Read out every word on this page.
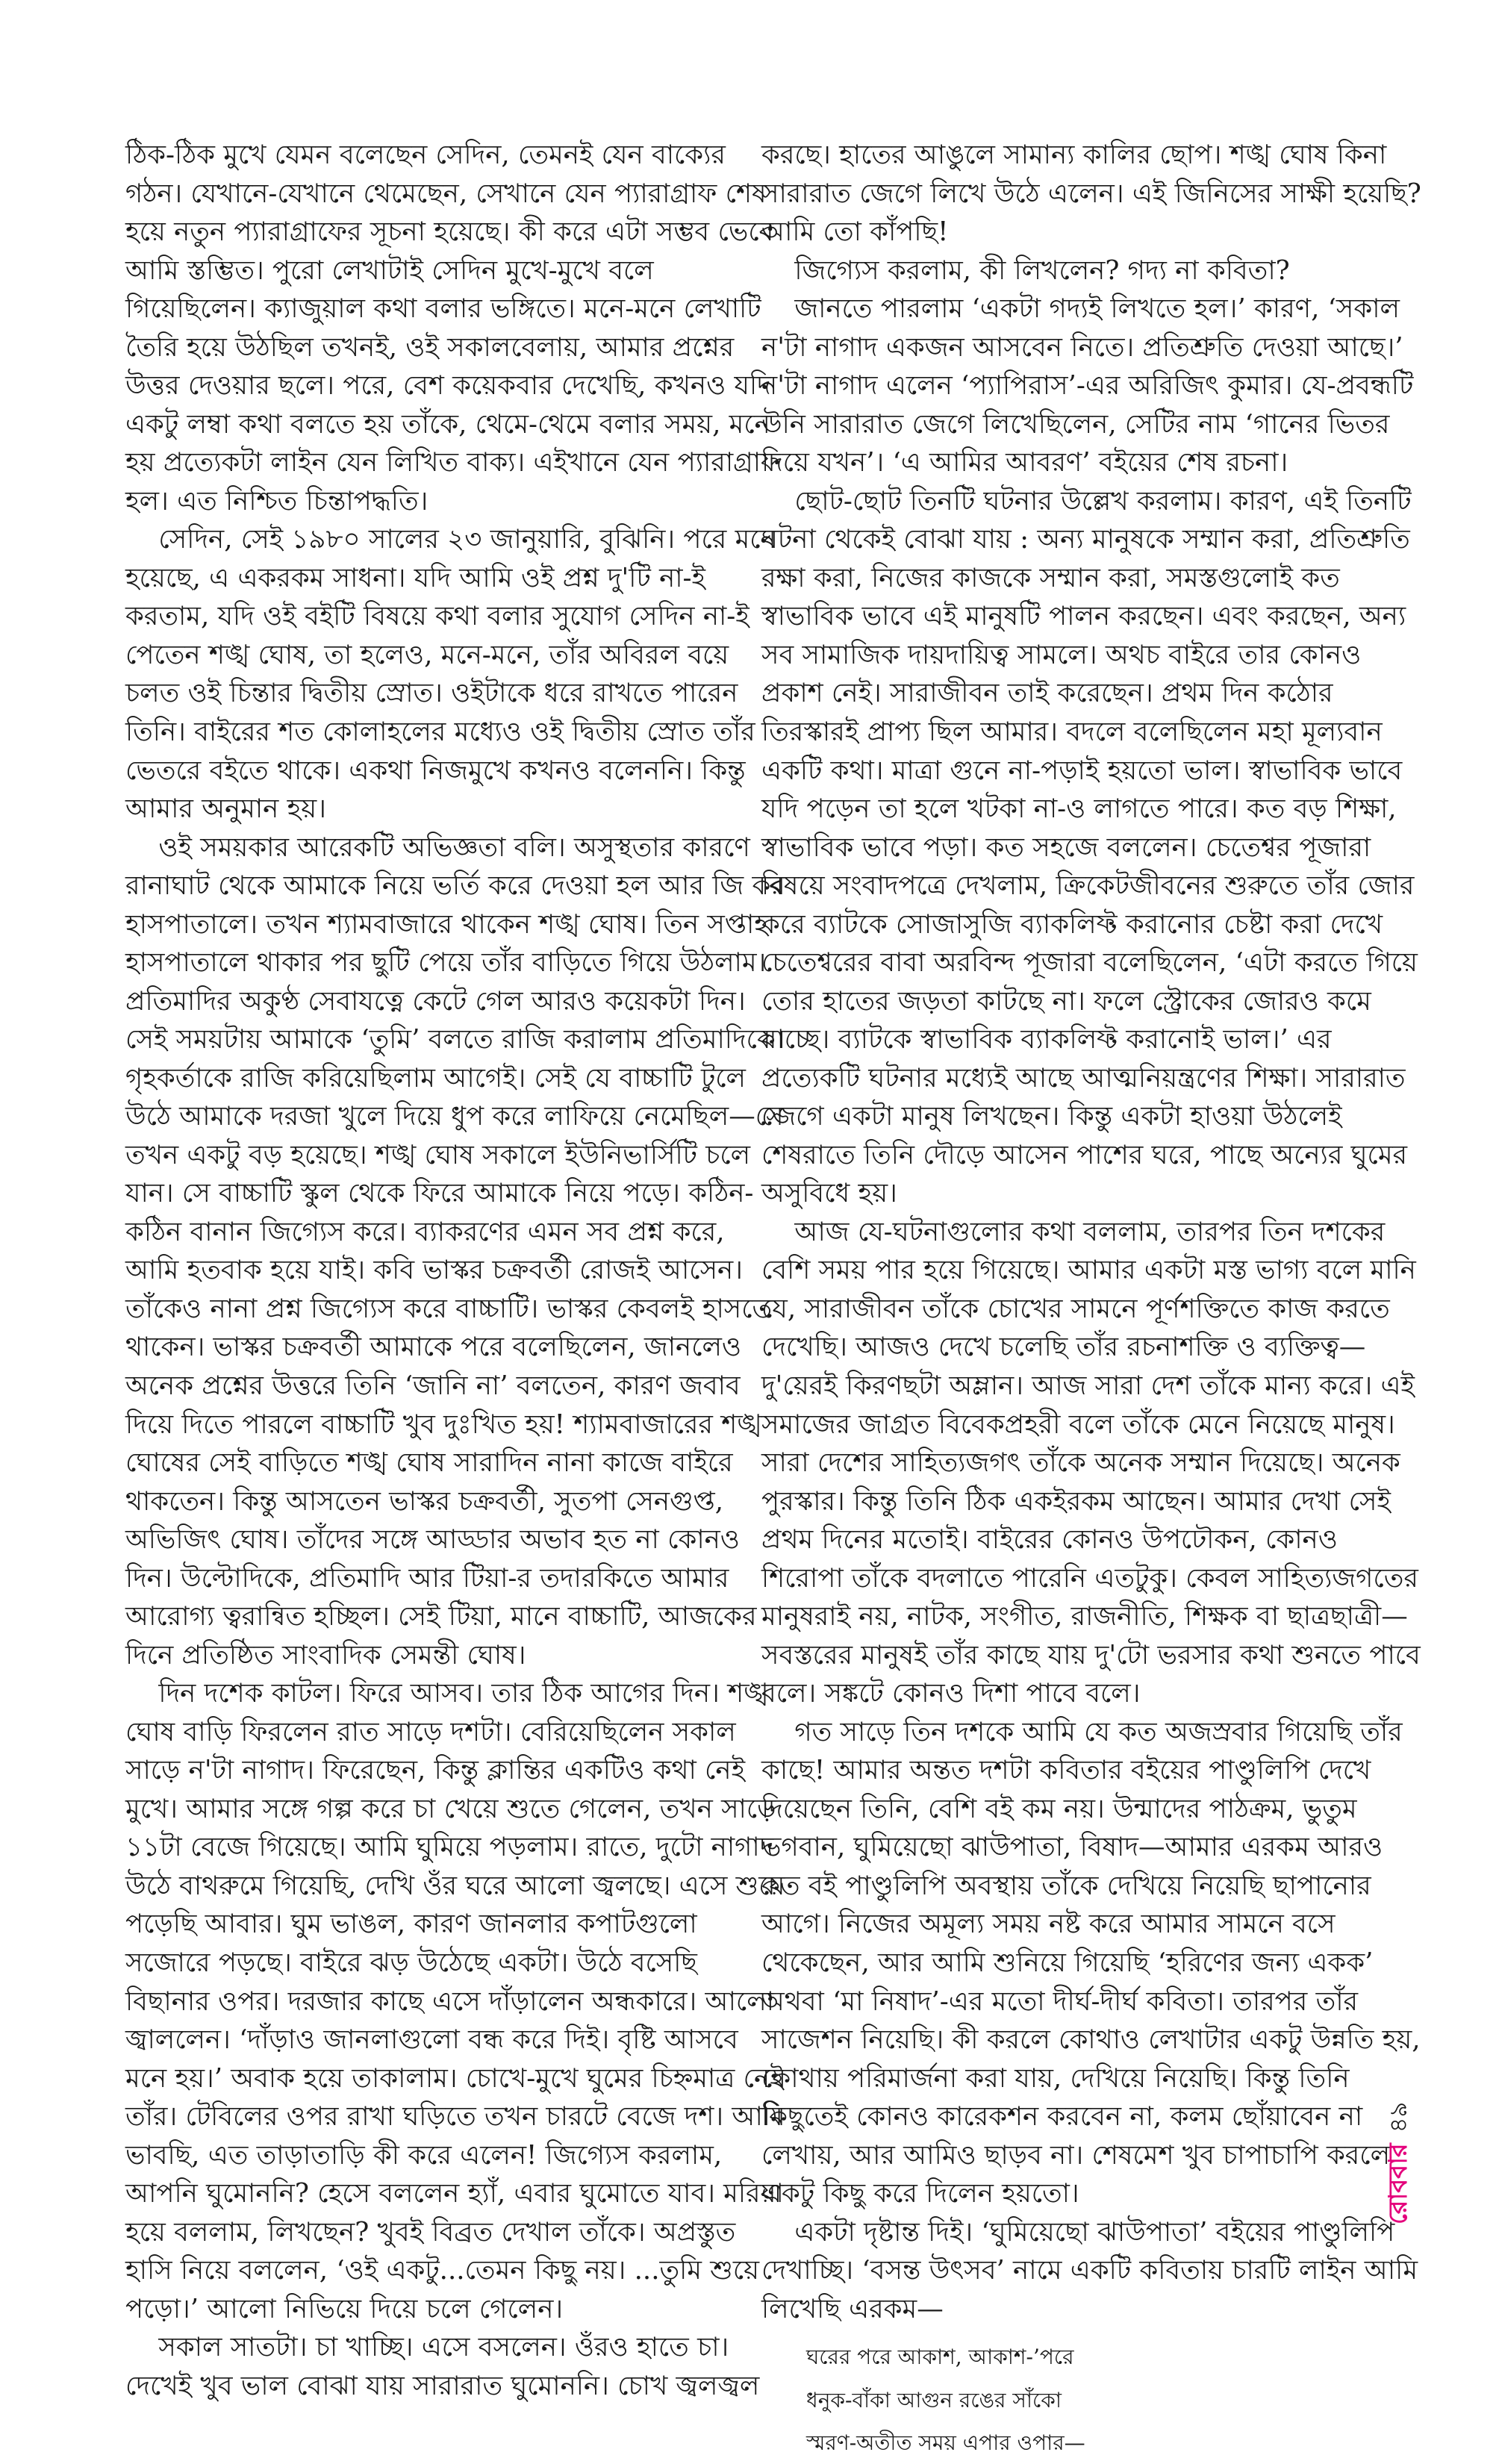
ঠিক-ঠিক মুখে যেমন বলেছেন সেদিন, তেমনই যেন বাক্যের গঠন। যেখানে-যেখানে থেমেছেন, সেখানে যেন প্যারাগ্রাফ শেষ হয়ে নতুন প্যারাগ্রাফের সূচনা হয়েছে। কী করে এটা সম্ভব ভেবে আমি স্তম্ভিত। পুরো লেখাটাই সেদিন মুখে-মুখে বলে গিয়েছিলেন। ক্যাজুয়াল কথা বলার ভঙ্গিতে। মনে-মনে লেখাটি তৈরি হয়ে উঠছিল তখনই, ওই সকালবেলায়, আমার প্রশ্নের উত্তর দেওয়ার ছলে। পরে, বেশ কয়েকবার দেখেছি, কখনও যদি একটু লম্বা কথা বলতে হয় তাঁকে, থেমে-থেমে বলার সময়, মনে হয় প্রত্যেকটা লাইন যেন লিখিত বাক্য। এইখানে যেন প্যারাগ্রাফ হল। এত নিশ্চিত চিন্তাপদ্ধতি।

সেদিন, সেই ১৯৮০ সালের ২৩ জানুয়ারি, বুঝিনি। পরে মনে হয়েছে, এ একরকম সাধনা। যদি আমি ওই প্রশ্ন দু'টি না-ই করতাম, যদি ওই বইটি বিষয়ে কথা বলার সুযোগ সেদিন না-ই পেতেন শঙ্খ ঘোষ, তা হলেও, মনে-মনে, তাঁর অবিরল বয়ে চলত ওই চিন্তার দ্বিতীয় স্রোত। ওইটাকে ধরে রাখতে পারেন তিনি। বাইরের শত কোলাহলের মধ্যেও ওই দ্বিতীয় স্রোত তাঁর ভেতরে বইতে থাকে। একথা নিজমুখে কখনও বলেননি। কিন্তু আমার অনুমান হয়।

ওই সময়কার আরেকটি অভিজ্ঞতা বলি। অসুস্থতার কারণে রানাঘাট থেকে আমাকে নিয়ে ভর্তি করে দেওয়া হল আর জি কর হাসপাতালে। তখন শ্যামবাজারে থাকেন শঙ্খ ঘোষ। তিন সপ্তাহ হাসপাতালে থাকার পর ছুটি পেয়ে তাঁর বাড়িতে গিয়ে উঠলাম। প্রতিমাদির অকুণ্ঠ সেবাযত্নে কেটে গেল আরও কয়েকটা দিন। সেই সময়টায় আমাকে ‘তুমি’ বলতে রাজি করালাম প্রতিমাদিকে। গৃহকর্তাকে রাজি করিয়েছিলাম আগেই। সেই যে বাচ্চাটি টুলে উঠে আমাকে দরজা খুলে দিয়ে ধুপ করে লাফিয়ে নেমেছিল—সে তখন একটু বড় হয়েছে। শঙ্খ ঘোষ সকালে ইউনিভার্সিটি চলে যান। সে বাচ্চাটি স্কুল থেকে ফিরে আমাকে নিয়ে পড়ে। কঠিন-কঠিন বানান জিগ্যেস করে। ব্যাকরণের এমন সব প্রশ্ন করে, আমি হতবাক হয়ে যাই। কবি ভাস্কর চক্রবর্তী রোজই আসেন। তাঁকেও নানা প্রশ্ন জিগ্যেস করে বাচ্চাটি। ভাস্কর কেবলই হাসতে থাকেন। ভাস্কর চক্রবর্তী আমাকে পরে বলেছিলেন, জানলেও অনেক প্রশ্নের উত্তরে তিনি ‘জানি না’ বলতেন, কারণ জবাব দিয়ে দিতে পারলে বাচ্চাটি খুব দুঃখিত হয়! শ্যামবাজারের শঙ্খ ঘোষের সেই বাড়িতে শঙ্খ ঘোষ সারাদিন নানা কাজে বাইরে থাকতেন। কিন্তু আসতেন ভাস্কর চক্রবর্তী, সুতপা সেনগুপ্ত, অভিজিৎ ঘোষ। তাঁদের সঙ্গে আড্ডার অভাব হত না কোনও দিন। উল্টোদিকে, প্রতিমাদি আর টিয়া-র তদারকিতে আমার আরোগ্য ত্বরান্বিত হচ্ছিল। সেই টিয়া, মানে বাচ্চাটি, আজকের দিনে প্রতিষ্ঠিত সাংবাদিক সেমন্তী ঘোষ।

দিন দশেক কাটল। ফিরে আসব। তার ঠিক আগের দিন। শঙ্খ ঘোষ বাড়ি ফিরলেন রাত সাড়ে দশটা। বেরিয়েছিলেন সকাল সাড়ে ন'টা নাগাদ। ফিরেছেন, কিন্তু ক্লান্তির একটিও কথা নেই মুখে। আমার সঙ্গে গল্প করে চা খেয়ে শুতে গেলেন, তখন সাড়ে ১১টা বেজে গিয়েছে। আমি ঘুমিয়ে পড়লাম। রাতে, দুটো নাগাদ উঠে বাথরুমে গিয়েছি, দেখি ওঁর ঘরে আলো জ্বলছে। এসে শুয়ে পড়েছি আবার। ঘুম ভাঙল, কারণ জানলার কপাটগুলো সজোরে পড়ছে। বাইরে ঝড় উঠেছে একটা। উঠে বসেছি বিছানার ওপর। দরজার কাছে এসে দাঁড়ালেন অন্ধকারে। আলো জ্বাললেন। ‘দাঁড়াও জানলাগুলো বন্ধ করে দিই। বৃষ্টি আসবে মনে হয়।’ অবাক হয়ে তাকালাম। চোখে-মুখে ঘুমের চিহ্নমাত্র নেই তাঁর। টেবিলের ওপর রাখা ঘড়িতে তখন চারটে বেজে দশ। আমি ভাবছি, এত তাড়াতাড়ি কী করে এলেন! জিগ্যেস করলাম, আপনি ঘুমোননি? হেসে বললেন হ্যাঁ, এবার ঘুমোতে যাব। মরিয়া হয়ে বললাম, লিখছেন? খুবই বিব্রত দেখাল তাঁকে। অপ্রস্তুত হাসি নিয়ে বললেন, ‘ওই একটু...তেমন কিছু নয়। ...তুমি শুয়ে পড়ো।’ আলো নিভিয়ে দিয়ে চলে গেলেন।

সকাল সাতটা। চা খাচ্ছি। এসে বসলেন। ওঁরও হাতে চা। দেখেই খুব ভাল বোঝা যায় সারারাত ঘুমোননি। চোখ জ্বলজ্বল

করছে। হাতের আঙুলে সামান্য কালির ছোপ। শঙ্খ ঘোষ কিনা সারারাত জেগে লিখে উঠে এলেন। এই জিনিসের সাক্ষী হয়েছি? আমি তো কাঁপছি!

জিগ্যেস করলাম, কী লিখলেন? গদ্য না কবিতা?

জানতে পারলাম ‘একটা গদ্যই লিখতে হল।’ কারণ, ‘সকাল ন'টা নাগাদ একজন আসবেন নিতে। প্রতিশ্রুতি দেওয়া আছে।’ ন'টা নাগাদ এলেন ‘প্যাপিরাস’-এর অরিজিৎ কুমার। যে-প্রবন্ধটি উনি সারারাত জেগে লিখেছিলেন, সেটির নাম ‘গানের ভিতর দিয়ে যখন’। ‘এ আমির আবরণ’ বইয়ের শেষ রচনা।

ছোট-ছোট তিনটি ঘটনার উল্লেখ করলাম। কারণ, এই তিনটি ঘটনা থেকেই বোঝা যায় : অন্য মানুষকে সম্মান করা, প্রতিশ্রুতি রক্ষা করা, নিজের কাজকে সম্মান করা, সমস্তগুলোই কত স্বাভাবিক ভাবে এই মানুষটি পালন করছেন। এবং করছেন, অন্য সব সামাজিক দায়দায়িত্ব সামলে। অথচ বাইরে তার কোনও প্রকাশ নেই। সারাজীবন তাই করেছেন। প্রথম দিন কঠোর তিরস্কারই প্রাপ্য ছিল আমার। বদলে বলেছিলেন মহা মূল্যবান একটি কথা। মাত্রা গুনে না-পড়াই হয়তো ভাল। স্বাভাবিক ভাবে যদি পড়েন তা হলে খটকা না-ও লাগতে পারে। কত বড় শিক্ষা, স্বাভাবিক ভাবে পড়া। কত সহজে বললেন। চেতেশ্বর পূজারা বিষয়ে সংবাদপত্রে দেখলাম, ক্রিকেটজীবনের শুরুতে তাঁর জোর করে ব্যাটকে সোজাসুজি ব্যাকলিফ্ট করানোর চেষ্টা করা দেখে চেতেশ্বরের বাবা অরবিন্দ পূজারা বলেছিলেন, ‘এটা করতে গিয়ে তোর হাতের জড়তা কাটছে না। ফলে স্ট্রোকের জোরও কমে যাচ্ছে। ব্যাটকে স্বাভাবিক ব্যাকলিফ্ট করানোই ভাল।’ এর প্রত্যেকটি ঘটনার মধ্যেই আছে আত্মনিয়ন্ত্রণের শিক্ষা। সারারাত জেগে একটা মানুষ লিখছেন। কিন্তু একটা হাওয়া উঠলেই শেষরাতে তিনি দৌড়ে আসেন পাশের ঘরে, পাছে অন্যের ঘুমের অসুবিধে হয়।

আজ যে-ঘটনাগুলোর কথা বললাম, তারপর তিন দশকের বেশি সময় পার হয়ে গিয়েছে। আমার একটা মস্ত ভাগ্য বলে মানি যে, সারাজীবন তাঁকে চোখের সামনে পূর্ণশক্তিতে কাজ করতে দেখেছি। আজও দেখে চলেছি তাঁর রচনাশক্তি ও ব্যক্তিত্ব—দু'য়েরই কিরণছটা অম্লান। আজ সারা দেশ তাঁকে মান্য করে। এই সমাজের জাগ্রত বিবেকপ্রহরী বলে তাঁকে মেনে নিয়েছে মানুষ। সারা দেশের সাহিত্যজগৎ তাঁকে অনেক সম্মান দিয়েছে। অনেক পুরস্কার। কিন্তু তিনি ঠিক একইরকম আছেন। আমার দেখা সেই প্রথম দিনের মতোই। বাইরের কোনও উপঢৌকন, কোনও শিরোপা তাঁকে বদলাতে পারেনি এতটুকু। কেবল সাহিত্যজগতের মানুষরাই নয়, নাটক, সংগীত, রাজনীতি, শিক্ষক বা ছাত্রছাত্রী—সবস্তরের মানুষই তাঁর কাছে যায় দু'টো ভরসার কথা শুনতে পাবে বলে। সঙ্কটে কোনও দিশা পাবে বলে।

গত সাড়ে তিন দশকে আমি যে কত অজস্রবার গিয়েছি তাঁর কাছে! আমার অন্তত দশটা কবিতার বইয়ের পাণ্ডুলিপি দেখে দিয়েছেন তিনি, বেশি বই কম নয়। উন্মাদের পাঠক্রম, ভুতুম ভগবান, ঘুমিয়েছো ঝাউপাতা, বিষাদ—আমার এরকম আরও কত বই পাণ্ডুলিপি অবস্থায় তাঁকে দেখিয়ে নিয়েছি ছাপানোর আগে। নিজের অমূল্য সময় নষ্ট করে আমার সামনে বসে থেকেছেন, আর আমি শুনিয়ে গিয়েছি ‘হরিণের জন্য একক’ অথবা ‘মা নিষাদ’-এর মতো দীর্ঘ-দীর্ঘ কবিতা। তারপর তাঁর সাজেশন নিয়েছি। কী করলে কোথাও লেখাটার একটু উন্নতি হয়, কোথায় পরিমার্জনা করা যায়, দেখিয়ে নিয়েছি। কিন্তু তিনি কিছুতেই কোনও কারেকশন করবেন না, কলম ছোঁয়াবেন না লেখায়, আর আমিও ছাড়ব না। শেষমেশ খুব চাপাচাপি করলে একটু কিছু করে দিলেন হয়তো।

একটা দৃষ্টান্ত দিই। ‘ঘুমিয়েছো ঝাউপাতা’ বইয়ের পাণ্ডুলিপি দেখাচ্ছি। ‘বসন্ত উৎসব’ নামে একটি কবিতায় চারটি লাইন আমি লিখেছি এরকম—

ঘরের পরে আকাশ, আকাশ-’পরে
ধনুক-বাঁকা আগুন রঙের সাঁকো
স্মরণ-অতীত সময় এপার ওপার—
রোববার
৪৯
